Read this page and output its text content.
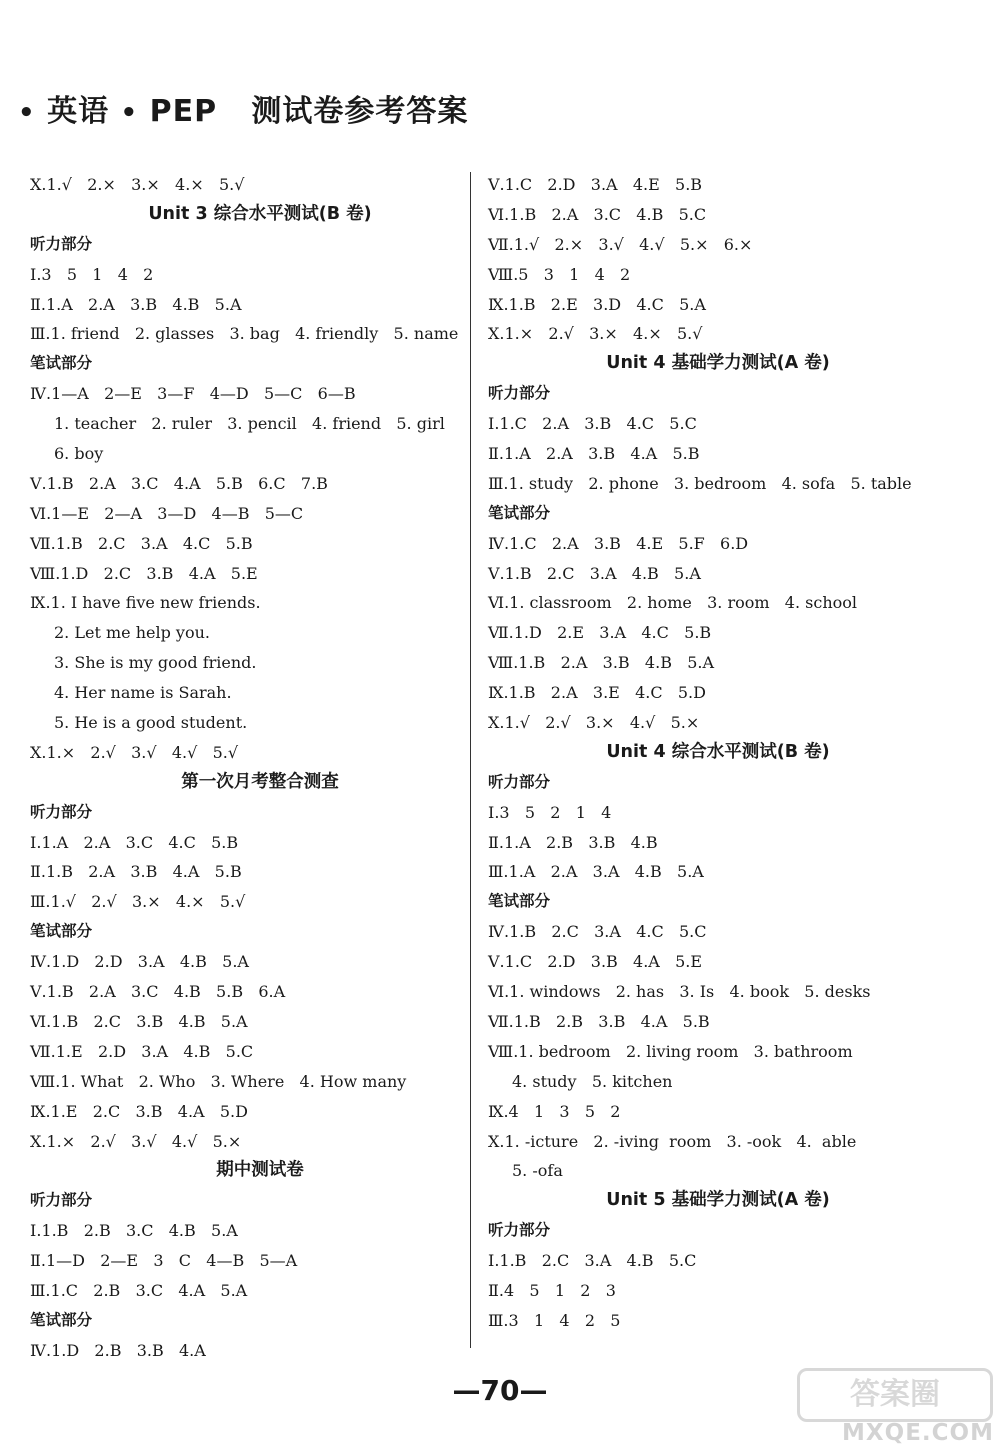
• 英语 • PEP 测试卷参考答案
Ⅹ.1.√   2.×   3.×   4.×   5.√
Unit 3 综合水平测试(B 卷)
听力部分
Ⅰ.3   5   1   4   2
Ⅱ.1.A   2.A   3.B   4.B   5.A
Ⅲ.1. friend   2. glasses   3. bag   4. friendly   5. name
笔试部分
Ⅳ.1—A   2—E   3—F   4—D   5—C   6—B
1. teacher   2. ruler   3. pencil   4. friend   5. girl
6. boy
Ⅴ.1.B   2.A   3.C   4.A   5.B   6.C   7.B
Ⅵ.1—E   2—A   3—D   4—B   5—C
Ⅶ.1.B   2.C   3.A   4.C   5.B
Ⅷ.1.D   2.C   3.B   4.A   5.E
Ⅸ.1. I have five new friends.
2. Let me help you.
3. She is my good friend.
4. Her name is Sarah.
5. He is a good student.
Ⅹ.1.×   2.√   3.√   4.√   5.√
第一次月考整合测查
听力部分
Ⅰ.1.A   2.A   3.C   4.C   5.B
Ⅱ.1.B   2.A   3.B   4.A   5.B
Ⅲ.1.√   2.√   3.×   4.×   5.√
笔试部分
Ⅳ.1.D   2.D   3.A   4.B   5.A
Ⅴ.1.B   2.A   3.C   4.B   5.B   6.A
Ⅵ.1.B   2.C   3.B   4.B   5.A
Ⅶ.1.E   2.D   3.A   4.B   5.C
Ⅷ.1. What   2. Who   3. Where   4. How many
Ⅸ.1.E   2.C   3.B   4.A   5.D
Ⅹ.1.×   2.√   3.√   4.√   5.×
期中测试卷
听力部分
Ⅰ.1.B   2.B   3.C   4.B   5.A
Ⅱ.1—D   2—E   3   C   4—B   5—A
Ⅲ.1.C   2.B   3.C   4.A   5.A
笔试部分
Ⅳ.1.D   2.B   3.B   4.A
Ⅴ.1.C   2.D   3.A   4.E   5.B
Ⅵ.1.B   2.A   3.C   4.B   5.C
Ⅶ.1.√   2.×   3.√   4.√   5.×   6.×
Ⅷ.5   3   1   4   2
Ⅸ.1.B   2.E   3.D   4.C   5.A
Ⅹ.1.×   2.√   3.×   4.×   5.√
Unit 4 基础学力测试(A 卷)
听力部分
Ⅰ.1.C   2.A   3.B   4.C   5.C
Ⅱ.1.A   2.A   3.B   4.A   5.B
Ⅲ.1. study   2. phone   3. bedroom   4. sofa   5. table
笔试部分
Ⅳ.1.C   2.A   3.B   4.E   5.F   6.D
Ⅴ.1.B   2.C   3.A   4.B   5.A
Ⅵ.1. classroom   2. home   3. room   4. school
Ⅶ.1.D   2.E   3.A   4.C   5.B
Ⅷ.1.B   2.A   3.B   4.B   5.A
Ⅸ.1.B   2.A   3.E   4.C   5.D
Ⅹ.1.√   2.√   3.×   4.√   5.×
Unit 4 综合水平测试(B 卷)
听力部分
Ⅰ.3   5   2   1   4
Ⅱ.1.A   2.B   3.B   4.B
Ⅲ.1.A   2.A   3.A   4.B   5.A
笔试部分
Ⅳ.1.B   2.C   3.A   4.C   5.C
Ⅴ.1.C   2.D   3.B   4.A   5.E
Ⅵ.1. windows   2. has   3. Is   4. book   5. desks
Ⅶ.1.B   2.B   3.B   4.A   5.B
Ⅷ.1. bedroom   2. living room   3. bathroom
4. study   5. kitchen
Ⅸ.4   1   3   5   2
Ⅹ.1. -icture   2. -iving  room   3. -ook   4.  able
5. -ofa
Unit 5 基础学力测试(A 卷)
听力部分
Ⅰ.1.B   2.C   3.A   4.B   5.C
Ⅱ.4   5   1   2   3
Ⅲ.3   1   4   2   5
—70—	答案圈
MXQE.COM
